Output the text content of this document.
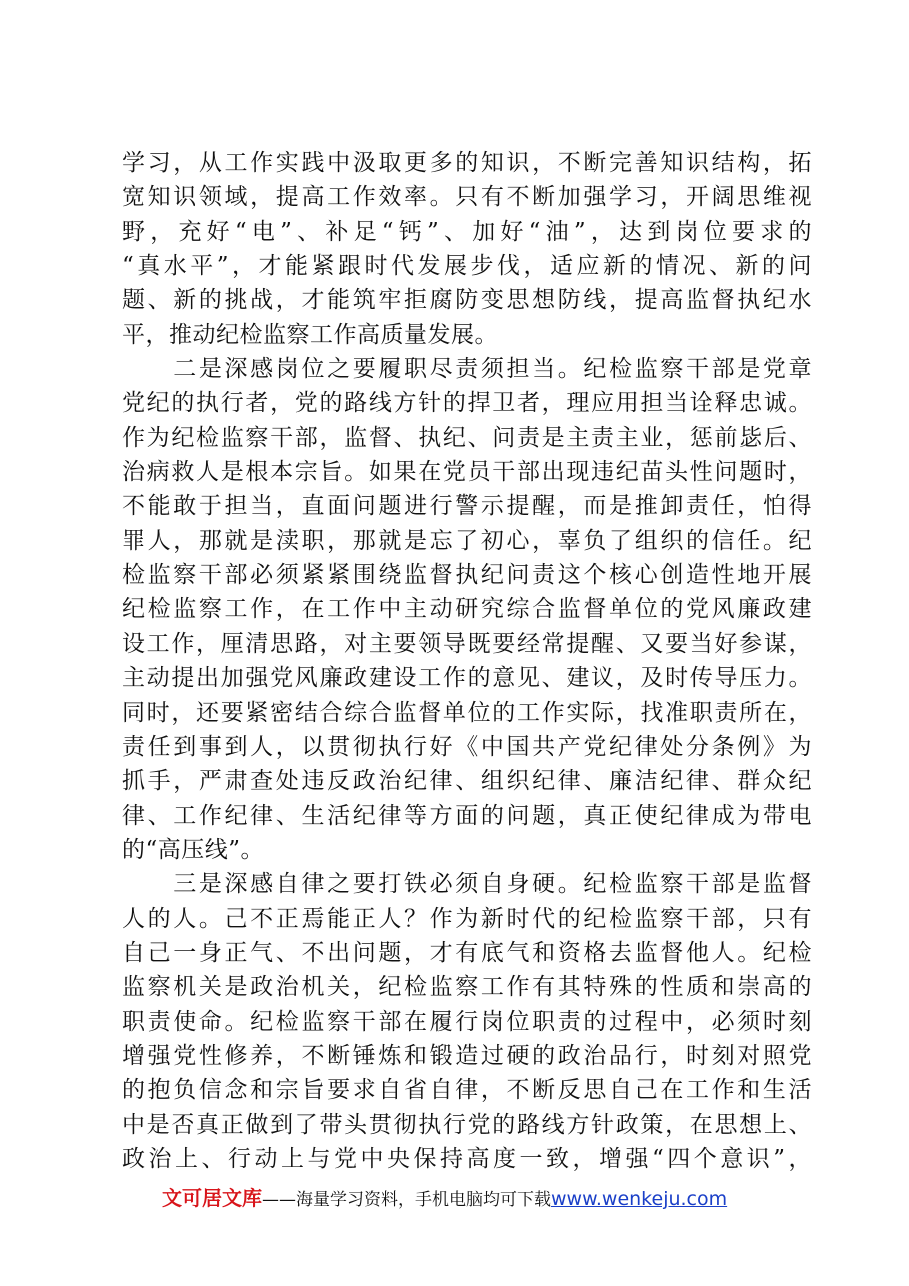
学习，从工作实践中汲取更多的知识，不断完善知识结构，拓
宽知识领域，提高工作效率。只有不断加强学习，开阔思维视
野，充好“电”、补足“钙”、加好“油”，达到岗位要求的
“真水平”，才能紧跟时代发展步伐，适应新的情况、新的问
题、新的挑战，才能筑牢拒腐防变思想防线，提高监督执纪水
平，推动纪检监察工作高质量发展。
　　二是深感岗位之要履职尽责须担当。纪检监察干部是党章
党纪的执行者，党的路线方针的捍卫者，理应用担当诠释忠诚。
作为纪检监察干部，监督、执纪、问责是主责主业，惩前毖后、
治病救人是根本宗旨。如果在党员干部出现违纪苗头性问题时，
不能敢于担当，直面问题进行警示提醒，而是推卸责任，怕得
罪人，那就是渎职，那就是忘了初心，辜负了组织的信任。纪
检监察干部必须紧紧围绕监督执纪问责这个核心创造性地开展
纪检监察工作，在工作中主动研究综合监督单位的党风廉政建
设工作，厘清思路，对主要领导既要经常提醒、又要当好参谋，
主动提出加强党风廉政建设工作的意见、建议，及时传导压力。
同时，还要紧密结合综合监督单位的工作实际，找准职责所在，
责任到事到人，以贯彻执行好《中国共产党纪律处分条例》为
抓手，严肃查处违反政治纪律、组织纪律、廉洁纪律、群众纪
律、工作纪律、生活纪律等方面的问题，真正使纪律成为带电
的“高压线”。
　　三是深感自律之要打铁必须自身硬。纪检监察干部是监督
人的人。己不正焉能正人？作为新时代的纪检监察干部，只有
自己一身正气、不出问题，才有底气和资格去监督他人。纪检
监察机关是政治机关，纪检监察工作有其特殊的性质和崇高的
职责使命。纪检监察干部在履行岗位职责的过程中，必须时刻
增强党性修养，不断锤炼和锻造过硬的政治品行，时刻对照党
的抱负信念和宗旨要求自省自律，不断反思自己在工作和生活
中是否真正做到了带头贯彻执行党的路线方针政策，在思想上、
政治上、行动上与党中央保持高度一致，增强“四个意识”，
文可居文库——海量学习资料，手机电脑均可下载www.wenkeju.com
